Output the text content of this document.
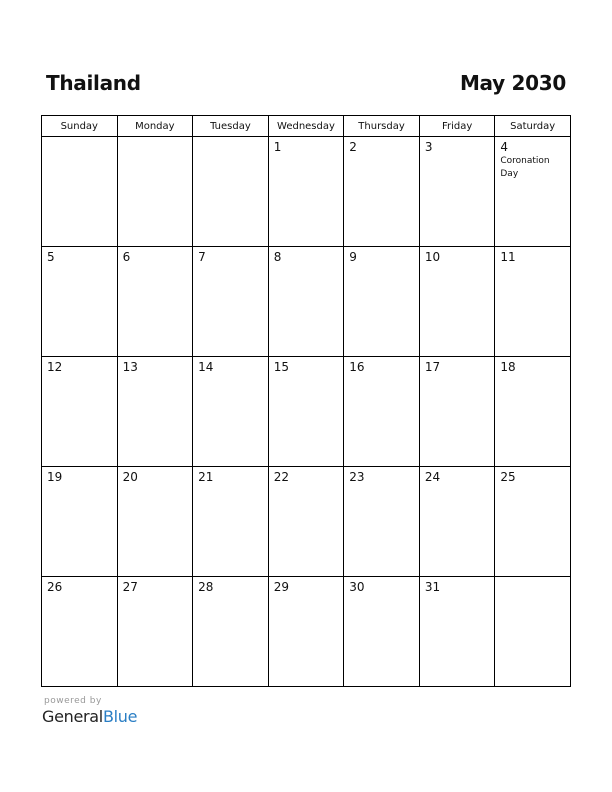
Thailand	May 2030
Sunday	Monday	Tuesday	Wednesday	Thursday	Friday	Saturday

			1	2	3	4
Coronation Day

5	6	7	8	9	10	11

12	13	14	15	16	17	18

19	20	21	22	23	24	25

26	27	28	29	30	31	

powered by
GeneralBlue
